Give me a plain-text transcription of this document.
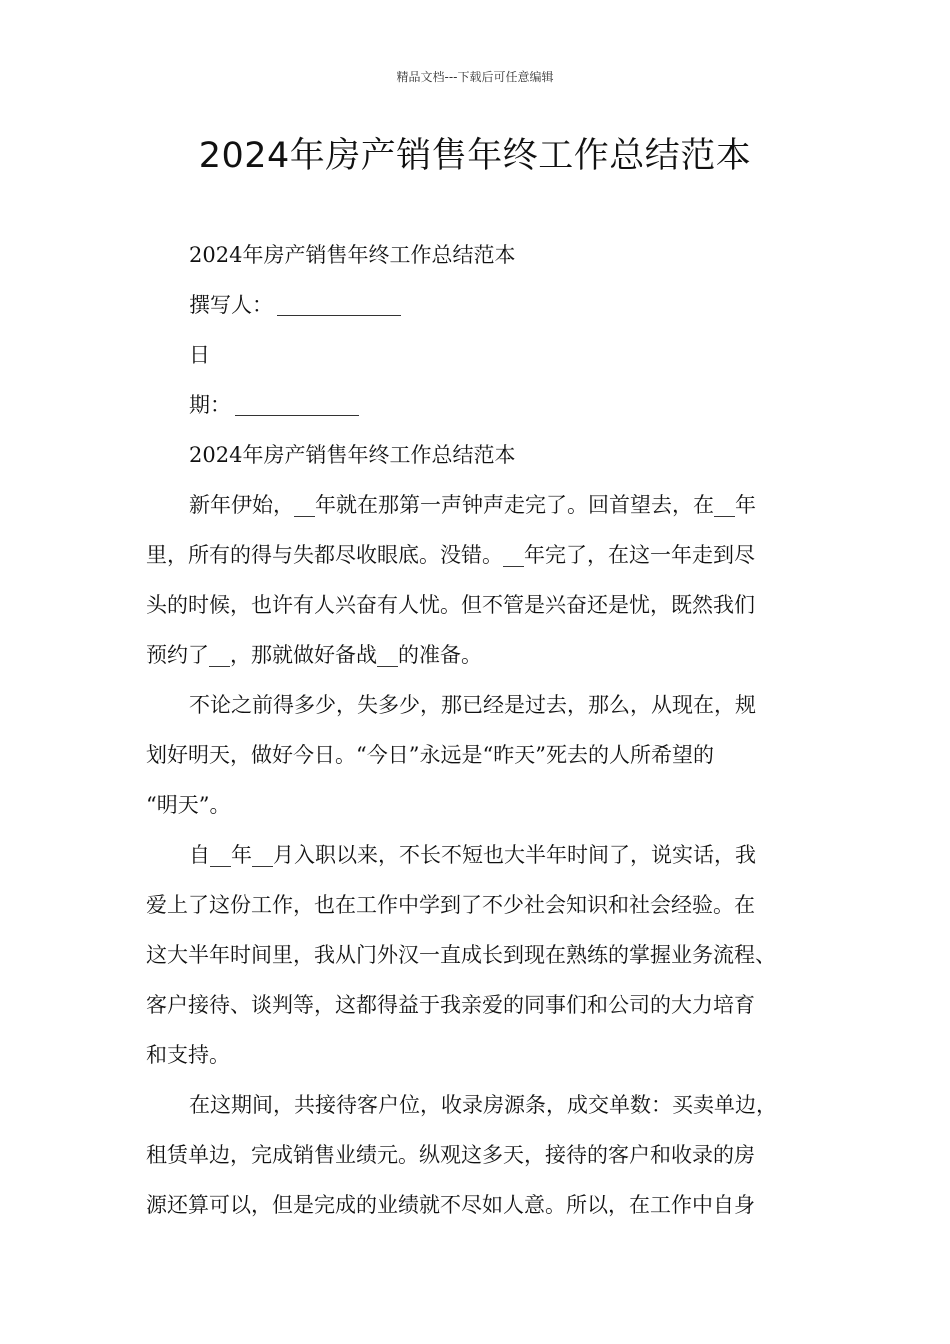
精品文档---下载后可任意编辑
2024年房产销售年终工作总结范本
2024年房产销售年终工作总结范本
撰写人：
日
期：
2024年房产销售年终工作总结范本
新年伊始，__年就在那第一声钟声走完了。回首望去，在__年
里，所有的得与失都尽收眼底。没错。__年完了，在这一年走到尽
头的时候，也许有人兴奋有人忧。但不管是兴奋还是忧，既然我们
预约了__，那就做好备战__的准备。
不论之前得多少，失多少，那已经是过去，那么，从现在，规
划好明天，做好今日。“今日”永远是“昨天”死去的人所希望的
“明天”。
自__年__月入职以来，不长不短也大半年时间了，说实话，我
爱上了这份工作，也在工作中学到了不少社会知识和社会经验。在
这大半年时间里，我从门外汉一直成长到现在熟练的掌握业务流程、
客户接待、谈判等，这都得益于我亲爱的同事们和公司的大力培育
和支持。
在这期间，共接待客户位，收录房源条，成交单数：买卖单边，
租赁单边，完成销售业绩元。纵观这多天，接待的客户和收录的房
源还算可以，但是完成的业绩就不尽如人意。所以，在工作中自身
